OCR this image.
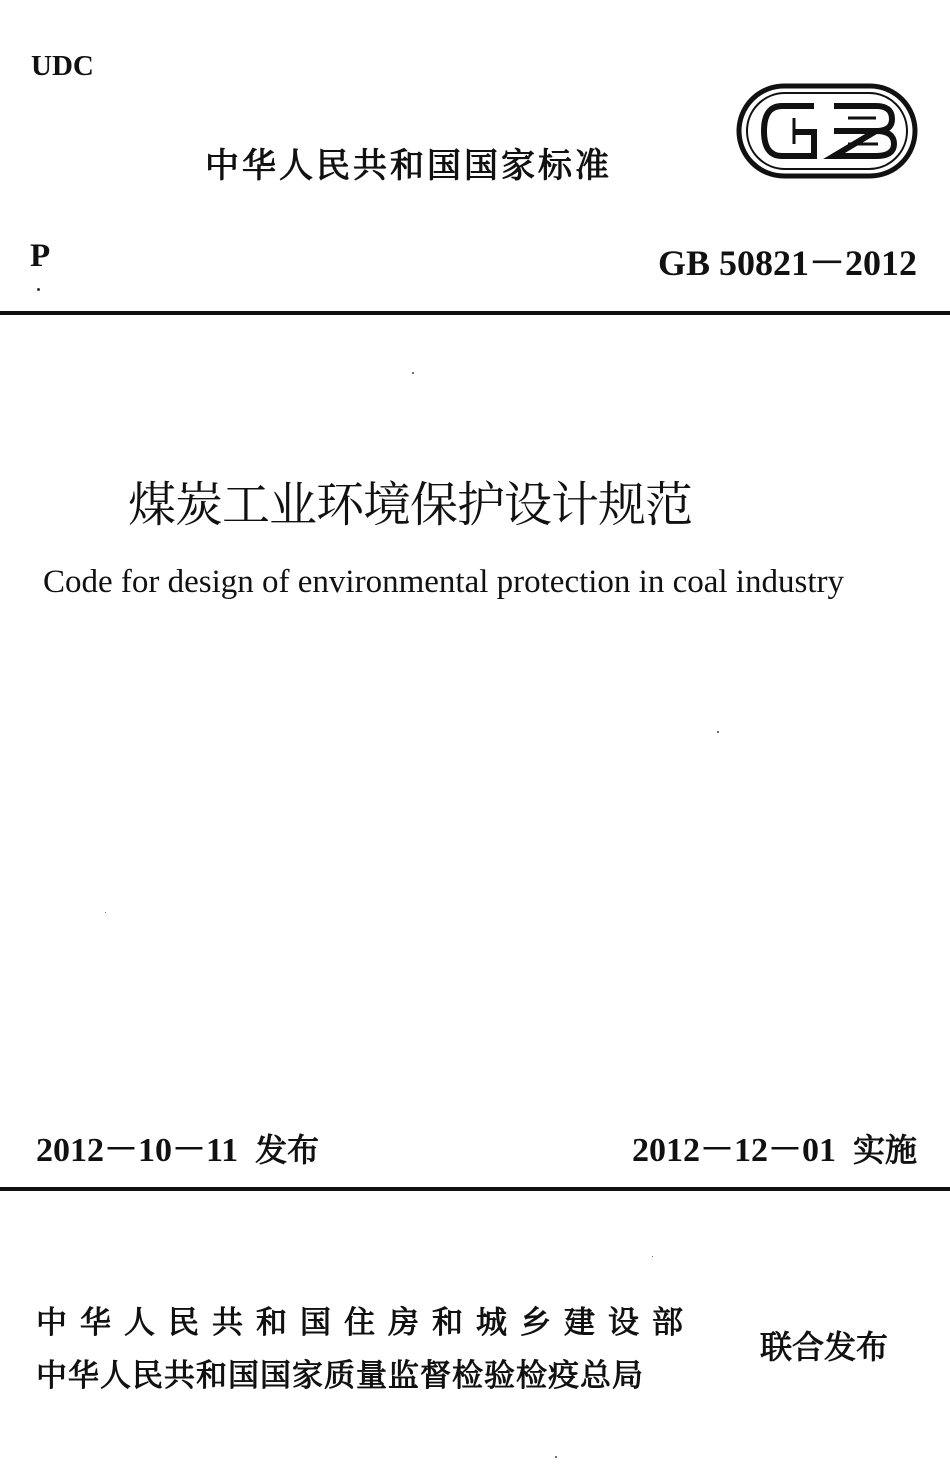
UDC
中华人民共和国国家标准
P	GB 50821－2012
煤炭工业环境保护设计规范
Code for design of environmental protection in coal industry
2012－10－11 发布	2012－12－01 实施
中华人民共和国住房和城乡建设部
中华人民共和国国家质量监督检验检疫总局
联合发布
